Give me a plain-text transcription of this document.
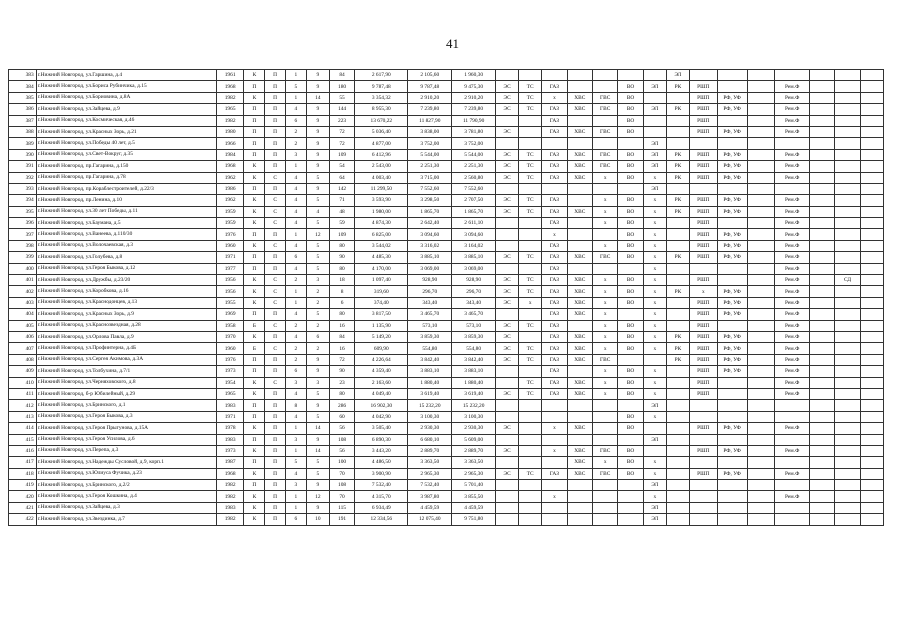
41
383	г.Нижний Новгород, ул.Гаршина, д.4	1961	К	П	1	9	84	2 617,90	2 105,60	1 960,30								ЭЛ							
384	г.Нижний Новгород, ул.Бориса Рубинчика, д.15	1968	П	П	5	9	180	9 787,48	9 787,48	9 475,30	ЭС	ТС	ГАЗ			ВО	ЭЛ	РК	РШП			Рем.Ф			
385	г.Нижний Новгород, ул.Бориовина, д.8А	1982	К	П	1	14	55	3 354,32	2 910,20	2 910,20	ЭС	ТС	х	ХВС	ГВС	ВО			РШП	РФ, УФ		Рем.Ф			
386	г.Нижний Новгород, ул.Зайцева, д.9	1965	П	П	4	9	144	8 955,30	7 239,80	7 239,80	ЭС	ТС	ГАЗ	ХВС	ГВС	ВО	ЭЛ	РК	РШП	РФ, УФ		Рем.Ф			
387	г.Нижний Новгород, ул.Космическая, д.46	1982	П	П	6	9	223	13 670,22	11 827,90	11 790,90			ГАЗ			ВО			РШП			Рем.Ф			
388	г.Нижний Новгород, ул.Красных Зорь, д.21	1980	П	П	2	9	72	5 036,40	3 838,00	3 781,80	ЭС		ГАЗ	ХВС	ГВС	ВО			РШП	РФ, УФ		Рем.Ф			
389	г.Нижний Новгород, ул.Победы 40 лет, д.5	1966	П	П	2	9	72	4 877,00	3 752,00	3 752,00							ЭЛ								
390	г.Нижний Новгород, ул.Свет-Вокруг, д.35	1984	П	П	3	9	109	6 412,96	5 544,00	5 544,00	ЭС	ТС	ГАЗ	ХВС	ГВС	ВО	ЭЛ	РК	РШП	РФ, УФ		Рем.Ф			
391	г.Нижний Новгород, пр.Гагарина, д.150	1968	К	П	1	9	54	2 543,00	2 251,30	2 251,30	ЭС	ТС	ГАЗ	ХВС	ГВС	ВО	ЭЛ	РК	РШП	РФ, УФ		Рем.Ф			
392	г.Нижний Новгород, пр.Гагарина, д.78	1962	К	С	4	5	64	4 003,40	3 715,00	2 560,80	ЭС	ТС	ГАЗ	ХВС	х	ВО	х	РК	РШП	РФ, УФ		Рем.Ф			
393	г.Нижний Новгород, пр.Кораблестроителей, д.22/3	1986	П	П	4	9	142	11 299,50	7 552,60	7 552,60							ЭЛ								
394	г.Нижний Новгород, пр.Ленина, д.10	1962	К	С	4	5	71	3 593,90	3 298,50	2 707,50	ЭС	ТС	ГАЗ		х	ВО	х	РК	РШП	РФ, УФ		Рем.Ф			
395	г.Нижний Новгород, ул.30 лет Победы, д.11	1959	К	С	4	4	48	1 980,00	1 865,70	1 865,70	ЭС	ТС	ГАЗ	ХВС	х	ВО	х	РК	РШП	РФ, УФ		Рем.Ф			
396	г.Нижний Новгород, ул.Баумана, д.5	1959	К	С	4	5	59	4 874,30	2 642,40	2 611,10			ГАЗ		х	ВО	х		РШП			Рем.Ф			
397	г.Нижний Новгород, ул.Ванеева, д.110/30	1976	П	П	1	12	109	6 825,00	3 094,60	3 094,60			х			ВО	х		РШП	РФ, УФ		Рем.Ф			
398	г.Нижний Новгород, ул.Волочаевская, д.3	1960	К	С	4	5	80	3 544,02	3 316,02	3 164,02			ГАЗ		х	ВО	х		РШП	РФ, УФ		Рем.Ф			
399	г.Нижний Новгород, ул.Голубева, д.8	1971	П	П	6	5	90	4 485,30	3 885,10	3 885,10	ЭС	ТС	ГАЗ	ХВС	ГВС	ВО	х	РК	РШП	РФ, УФ		Рем.Ф			
400	г.Нижний Новгород, ул.Героя Быкова, д.12	1977	П	П	4	5	80	4 170,00	3 069,00	3 069,00			ГАЗ				х					Рем.Ф			
401	г.Нижний Новгород, ул.Дружбы, д.23/20	1956	К	С	2	3	18	1 097,40	928,90	928,90	ЭС	ТС	ГАЗ	ХВС	х	ВО	х		РШП			Рем.Ф		СД	
402	г.Нижний Новгород, ул.Коробкова, д.16	1956	К	С	1	2	8	319,60	296,70	296,70	ЭС	ТС	ГАЗ	ХВС	х	ВО	х	РК	х	РФ, УФ		Рем.Ф			
403	г.Нижний Новгород, ул.Краснодонцев, д.13	1955	К	С	1	2	6	374,40	343,40	343,40	ЭС	х	ГАЗ	ХВС	х	ВО	х		РШП	РФ, УФ		Рем.Ф			
404	г.Нижний Новгород, ул.Красных Зорь, д.9	1969	П	П	4	5	80	3 817,50	3 465,70	3 465,70			ГАЗ	ХВС	х		х		РШП	РФ, УФ		Рем.Ф			
405	г.Нижний Новгород, ул.Краснозвездная, д.28	1958	Б	С	2	2	16	1 135,90	573,10	573,10	ЭС	ТС	ГАЗ		х	ВО	х		РШП			Рем.Ф			
406	г.Нижний Новгород, ул.Орлова Павла, д.9	1970	К	П	4	6	84	5 149,20	3 859,30	3 859,30	ЭС		ГАЗ	ХВС	х	ВО	х	РК	РШП	РФ, УФ		Рем.Ф			
407	г.Нижний Новгород, ул.Профинтерна, д.4Б	1960	Б	С	2	2	16	609,90	554,80	554,80	ЭС	ТС	ГАЗ	ХВС	х	ВО	х	РК	РШП	РФ, УФ		Рем.Ф			
408	г.Нижний Новгород, ул.Сергея Акимова, д.3А	1976	П	П	2	9	72	4 226,64	3 842,40	3 842,40	ЭС	ТС	ГАЗ	ХВС	ГВС			РК	РШП	РФ, УФ		Рем.Ф			
409	г.Нижний Новгород, ул.Толбухина, д.7/1	1973	П	П	6	9	90	4 359,40	3 883,10	3 883,10			ГАЗ		х	ВО	х		РШП	РФ, УФ		Рем.Ф			
410	г.Нижний Новгород, ул.Черняховского, д.8	1954	К	С	3	3	23	2 163,60	1 880,40	1 880,40		ТС	ГАЗ	ХВС	х	ВО	х		РШП			Рем.Ф			
411	г.Нижний Новгород, б-р Юбилейный, д.29	1965	К	П	4	5	80	4 049,40	3 619,40	3 619,40	ЭС	ТС	ГАЗ	ХВС	х	ВО	х		РШП			Рем.Ф			
412	г.Нижний Новгород, ул.Бринского, д.1	1983	П	П	8	9	286	16 902,30	15 232,20	15 232,20							ЭЛ								
413	г.Нижний Новгород, ул.Героя Быкова, д.3	1971	П	П	4	5	60	4 042,90	3 100,30	3 100,30						ВО	х								
414	г.Нижний Новгород, ул.Героя Прыгунова, д.15А	1978	К	П	1	14	56	3 505,40	2 930,30	2 930,30	ЭС		х	ХВС		ВО			РШП	РФ, УФ		Рем.Ф			
415	г.Нижний Новгород, ул.Героя Усилова, д.6	1983	П	П	3	9	108	6 890,30	6 680,10	5 609,00							ЭЛ								
416	г.Нижний Новгород, ул.Перепа, д.3	1973	К	П	1	14	56	3 443,20	2 889,70	2 889,70	ЭС		х	ХВС	ГВС	ВО			РШП	РФ, УФ		Рем.Ф			
417	г.Нижний Новгород, ул.Надежды Сусловой, д.9, корп.1	1987	П	П	5	5	100	4 486,50	3 363,50	3 363,50				ХВС	х	ВО	х								
418	г.Нижний Новгород, ул.Юлиуса Фучика, д.23	1968	К	П	4	5	70	3 900,90	2 965,30	2 965,30	ЭС	ТС	ГАЗ	ХВС	ГВС	ВО	х		РШП	РФ, УФ		Рем.Ф			
419	г.Нижний Новгород, ул.Бринского, д.2/2	1982	П	П	3	9	108	7 532,40	7 532,40	5 701,40							ЭЛ								
420	г.Нижний Новгород, ул.Героя Кошкина, д.4	1982	К	П	1	12	70	4 315,70	3 987,80	3 855,50			х				х					Рем.Ф			
421	г.Нижний Новгород, ул.Зайцева, д.3	1983	К	П	1	9	115	6 934,49	4 459,59	4 459,59							ЭЛ								
422	г.Нижний Новгород, ул.Звездинка, д.7	1982	К	П	6	10	191	12 334,56	12 075,40	9 751,80							ЭЛ								
